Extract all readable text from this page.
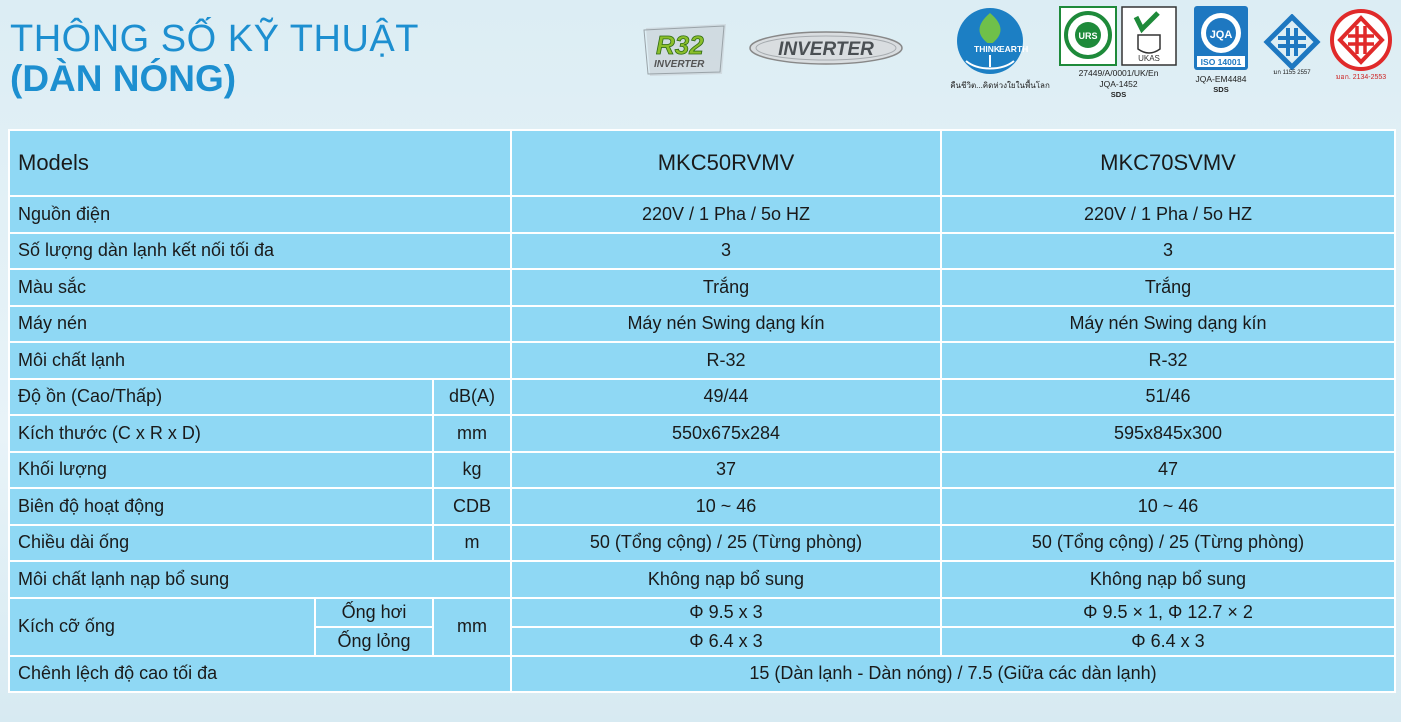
THÔNG SỐ KỸ THUẬT
(DÀN NÓNG)
R32
INVERTER
INVERTER	THINK EARTH
คืนชีวิต...คิดห่วงใยในพื้นโลก
URS
UKAS
27449/A/0001/UK/En
JQA-1452
SDS
JQA
ISO 14001
JQA-EM4484
SDS
มก 1155 2557
มอก. 2134-2553
Models			MKC50RVMV	MKC70SVMV
Nguồn điện			220V / 1 Pha / 5o HZ	220V / 1 Pha / 5o HZ
Số lượng dàn lạnh kết nối tối đa			3	3
Màu sắc			Trắng	Trắng
Máy nén			Máy nén Swing dạng kín	Máy nén Swing dạng kín
Môi chất lạnh			R-32	R-32
Độ ồn (Cao/Thấp)		dB(A)	49/44	51/46
Kích thước (C x R x D)		mm	550x675x284	595x845x300
Khối lượng		kg	37	47
Biên độ hoạt động		CDB	10 ~ 46	10 ~ 46
Chiều dài ống		m	50 (Tổng cộng) / 25 (Từng phòng)	50 (Tổng cộng) / 25 (Từng phòng)
Môi chất lạnh nạp bổ sung			Không nạp bổ sung	Không nạp bổ sung
Kích cỡ ống	Ống hơi	mm	Φ 9.5 x 3	Φ 9.5 × 1, Φ 12.7 × 2
	Ống lỏng		Φ 6.4 x 3	Φ 6.4 x 3
Chênh lệch độ cao tối đa			15 (Dàn lạnh - Dàn nóng) / 7.5 (Giữa các dàn lạnh)	
